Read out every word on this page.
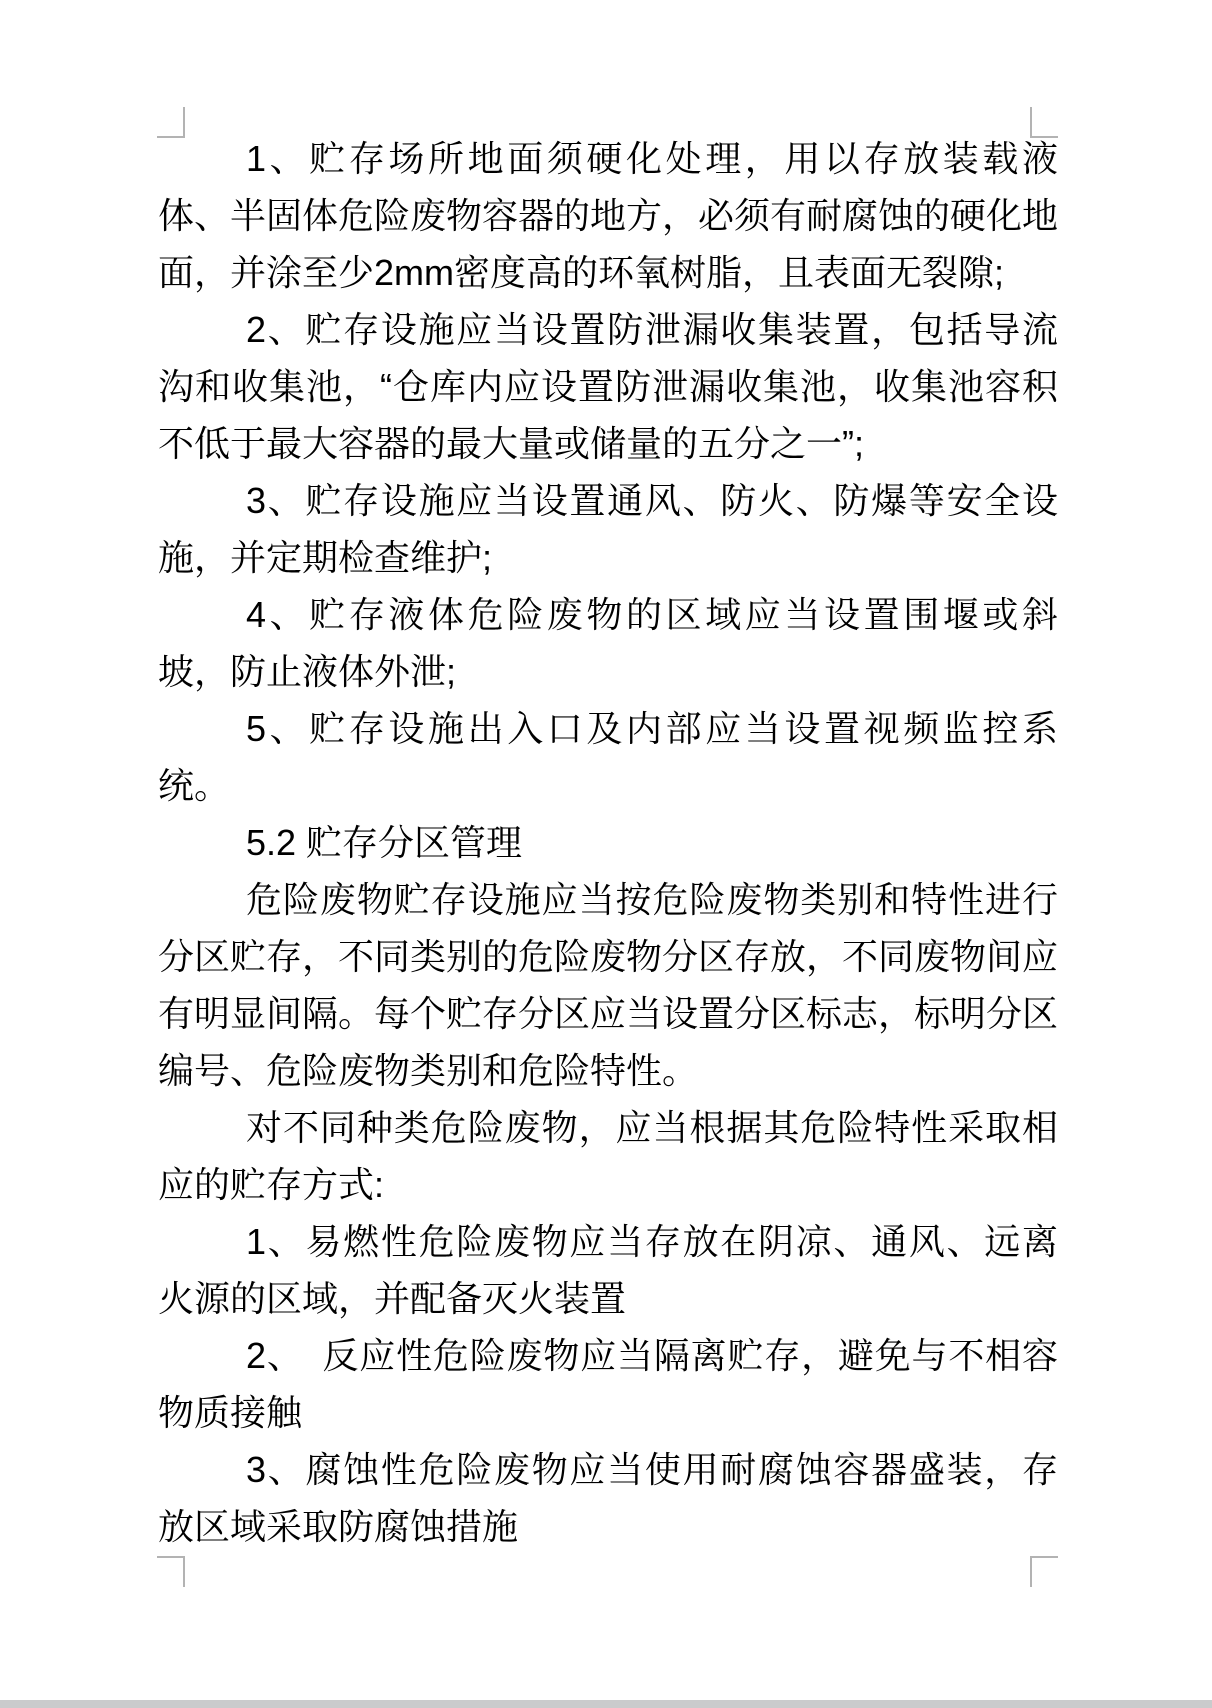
1、贮存场所地面须硬化处理，用以存放装载液体、半固体危险废物容器的地方，必须有耐腐蚀的硬化地面，并涂至少2mm密度高的环氧树脂，且表面无裂隙;

2、贮存设施应当设置防泄漏收集装置，包括导流沟和收集池，“仓库内应设置防泄漏收集池，收集池容积不低于最大容器的最大量或储量的五分之一”;

3、贮存设施应当设置通风、防火、防爆等安全设施，并定期检查维护;

4、贮存液体危险废物的区域应当设置围堰或斜坡，防止液体外泄;

5、贮存设施出入口及内部应当设置视频监控系统。

5.2 贮存分区管理

危险废物贮存设施应当按危险废物类别和特性进行分区贮存，不同类别的危险废物分区存放，不同废物间应有明显间隔。每个贮存分区应当设置分区标志，标明分区编号、危险废物类别和危险特性。

对不同种类危险废物，应当根据其危险特性采取相应的贮存方式:

1、易燃性危险废物应当存放在阴凉、通风、远离火源的区域，并配备灭火装置

2、　反应性危险废物应当隔离贮存，避免与不相容物质接触

3、腐蚀性危险废物应当使用耐腐蚀容器盛装，存放区域采取防腐蚀措施
